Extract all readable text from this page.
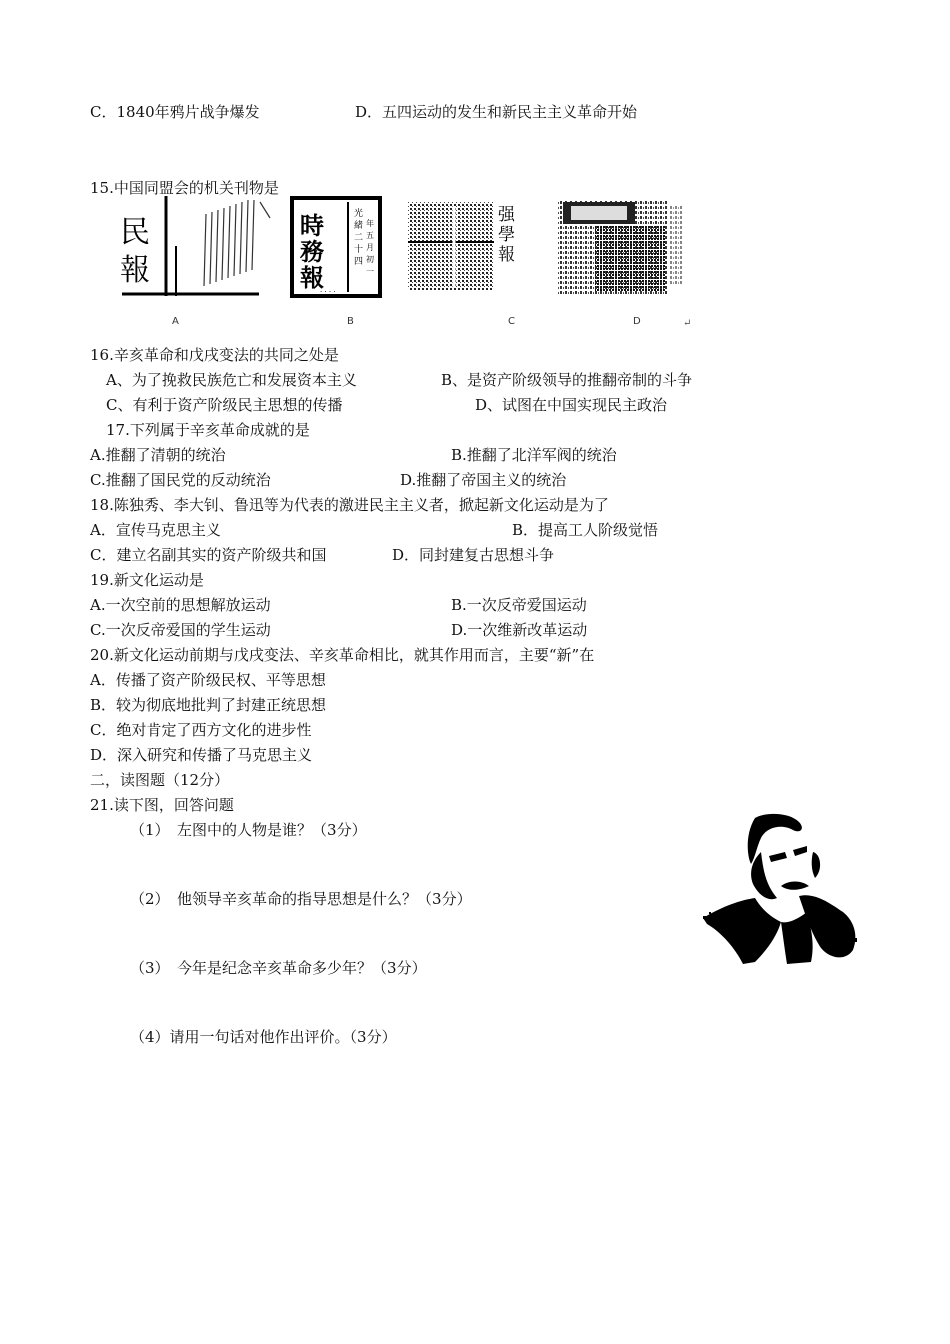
C．1840年鸦片战争爆发	D．五四运动的发生和新民主主义革命开始
15.中国同盟会的机关刊物是
民
報
A
時
務
報
光
緒
二
十
四
年
五
月
初
一
· · · ·
B
强
學
報
C	D	↵
16.辛亥革命和戊戌变法的共同之处是
A、为了挽救民族危亡和发展资本主义	B、是资产阶级领导的推翻帝制的斗争
C、有利于资产阶级民主思想的传播	D、试图在中国实现民主政治
17.下列属于辛亥革命成就的是
A.推翻了清朝的统治	B.推翻了北洋军阀的统治
C.推翻了国民党的反动统治	D.推翻了帝国主义的统治
18.陈独秀、李大钊、鲁迅等为代表的激进民主主义者，掀起新文化运动是为了
A．宣传马克思主义	B．提高工人阶级觉悟
C．建立名副其实的资产阶级共和国	D．同封建复古思想斗争
19.新文化运动是
A.一次空前的思想解放运动	B.一次反帝爱国运动
C.一次反帝爱国的学生运动	D.一次维新改革运动
20.新文化运动前期与戊戌变法、辛亥革命相比，就其作用而言，主要“新”在
A．传播了资产阶级民权、平等思想
B．较为彻底地批判了封建正统思想
C．绝对肯定了西方文化的进步性
D．深入研究和传播了马克思主义
二，读图题（12分）
21.读下图，回答问题
（1）　左图中的人物是谁？（3分）
（2）　他领导辛亥革命的指导思想是什么？（3分）
（3）　今年是纪念辛亥革命多少年？（3分）
（4）请用一句话对他作出评价。（3分）
